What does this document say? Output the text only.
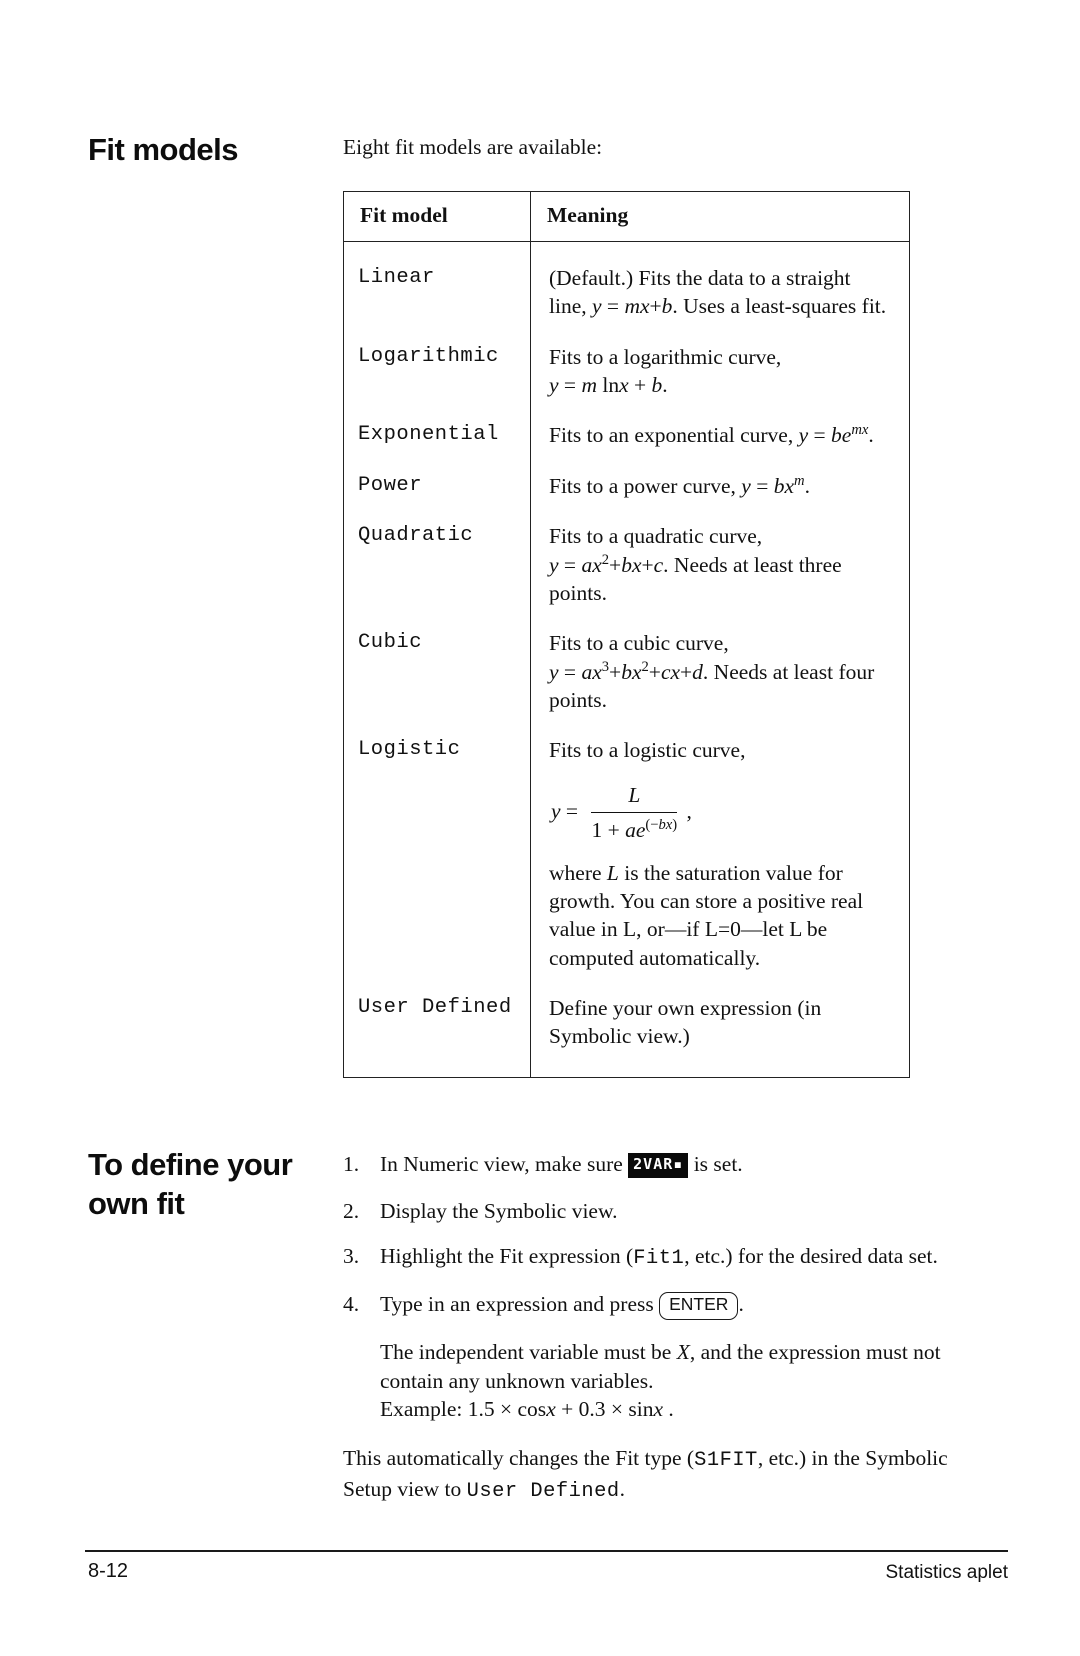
Fit models	Eight fit models are available:
Fit model	Meaning
Linear	(Default.) Fits the data to a straight line, y = mx+b. Uses a least-squares fit.
Logarithmic	Fits to a logarithmic curve,
y = m lnx + b.
Exponential	Fits to an exponential curve, $y = be^{mx}$.
Power	Fits to a power curve, $y = bx^m$.
Quadratic	Fits to a quadratic curve,
$y = ax^2+bx+c$. Needs at least three points.
Cubic	Fits to a cubic curve,
$y = ax^3+bx^2+cx+d$. Needs at least four points.
Logistic	Fits to a logistic curve,
$y = \frac{L}{1 + ae^{(-bx)}}$ ,
where L is the saturation value for growth. You can store a positive real value in L, or—if L=0—let L be computed automatically.
User Defined	Define your own expression (in Symbolic view.)
To define your own fit
1. In Numeric view, make sure 2VAR▪ is set.
2. Display the Symbolic view.
3. Highlight the Fit expression (Fit1, etc.) for the desired data set.
4. Type in an expression and press ENTER .
The independent variable must be X, and the expression must not contain any unknown variables.
Example: 1.5 × cosx + 0.3 × sinx .
This automatically changes the Fit type (S1FIT, etc.) in the Symbolic Setup view to User Defined.
8-12	Statistics aplet
